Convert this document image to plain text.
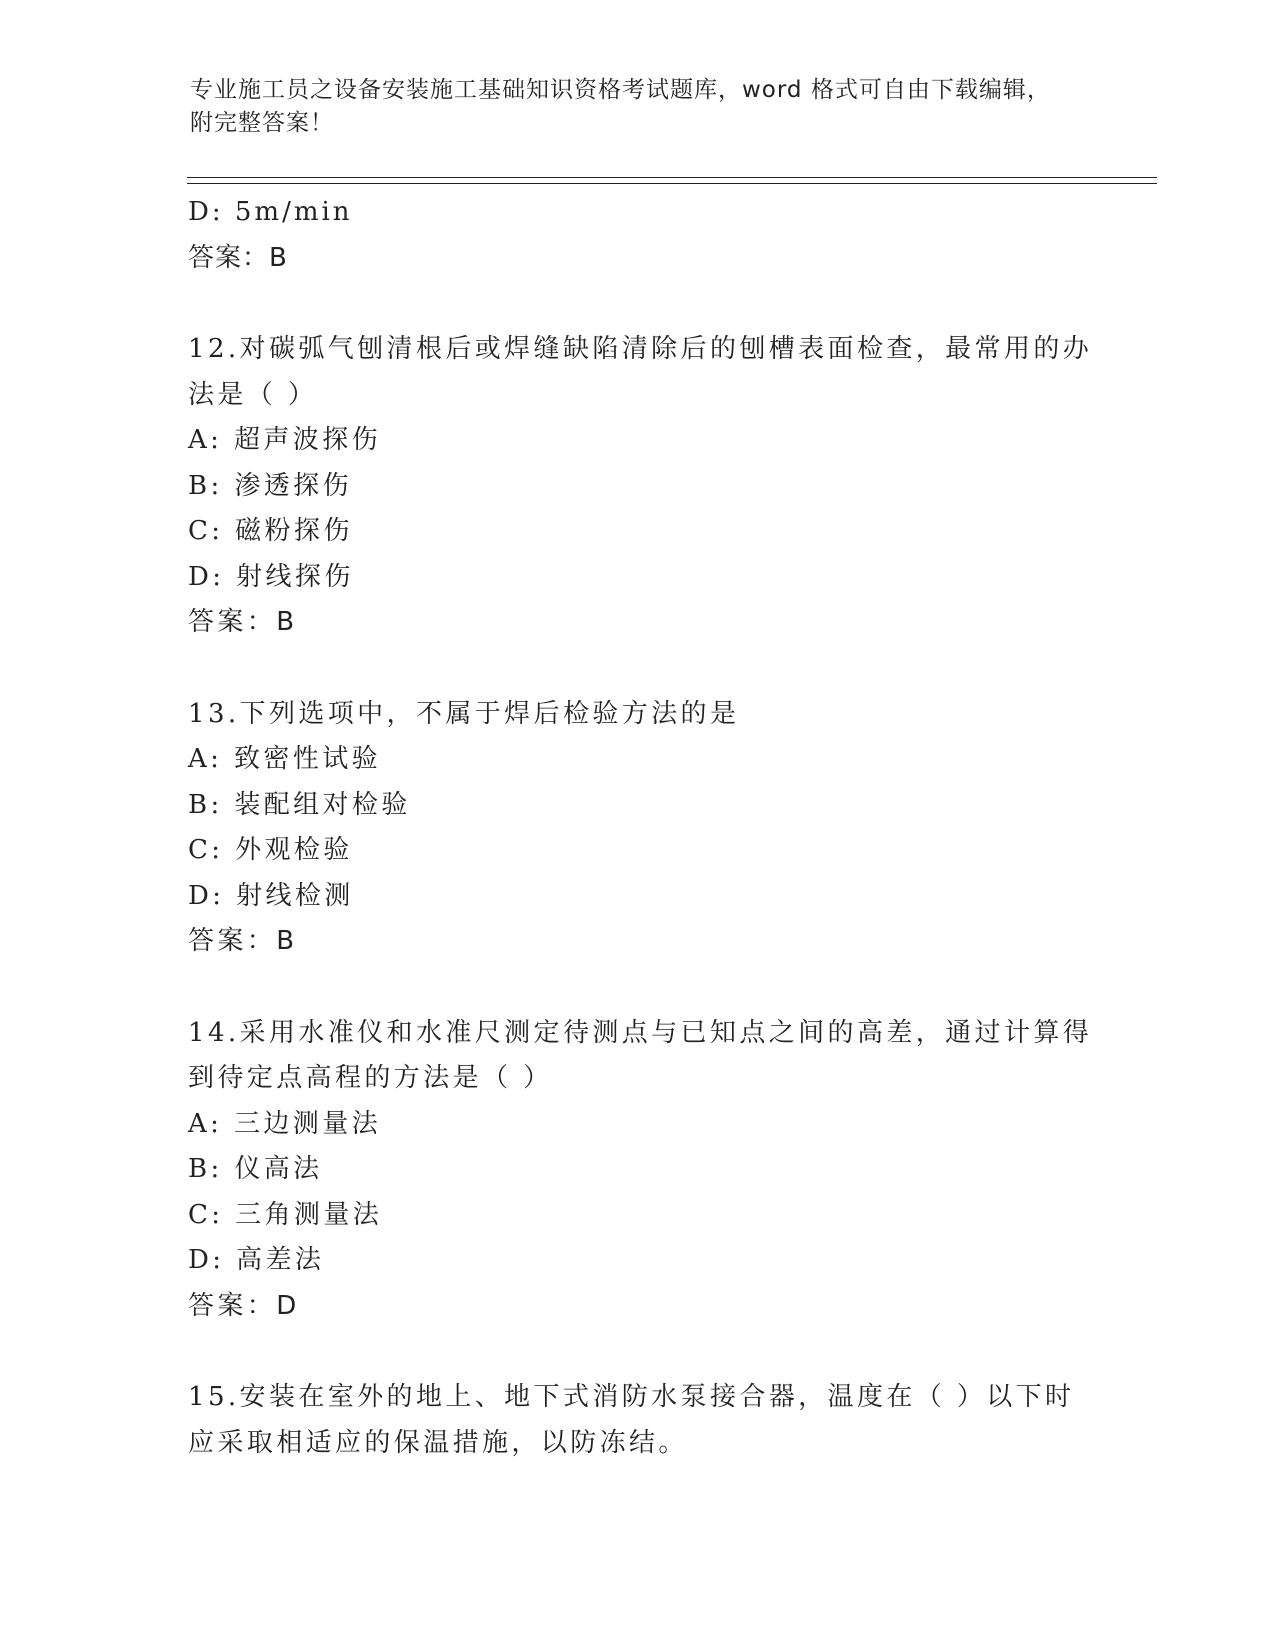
专业施工员之设备安装施工基础知识资格考试题库，word 格式可自由下载编辑，
附完整答案！
D: 5m/min
答案：B
12.对碳弧气刨清根后或焊缝缺陷清除后的刨槽表面检查，最常用的办
法是（ ）
A: 超声波探伤
B: 渗透探伤
C: 磁粉探伤
D: 射线探伤
答案：B
13.下列选项中，不属于焊后检验方法的是
A: 致密性试验
B: 装配组对检验
C: 外观检验
D: 射线检测
答案：B
14.采用水准仪和水准尺测定待测点与已知点之间的高差，通过计算得
到待定点高程的方法是（ ）
A: 三边测量法
B: 仪高法
C: 三角测量法
D: 高差法
答案：D
15.安装在室外的地上、地下式消防水泵接合器，温度在（ ）以下时
应采取相适应的保温措施，以防冻结。
